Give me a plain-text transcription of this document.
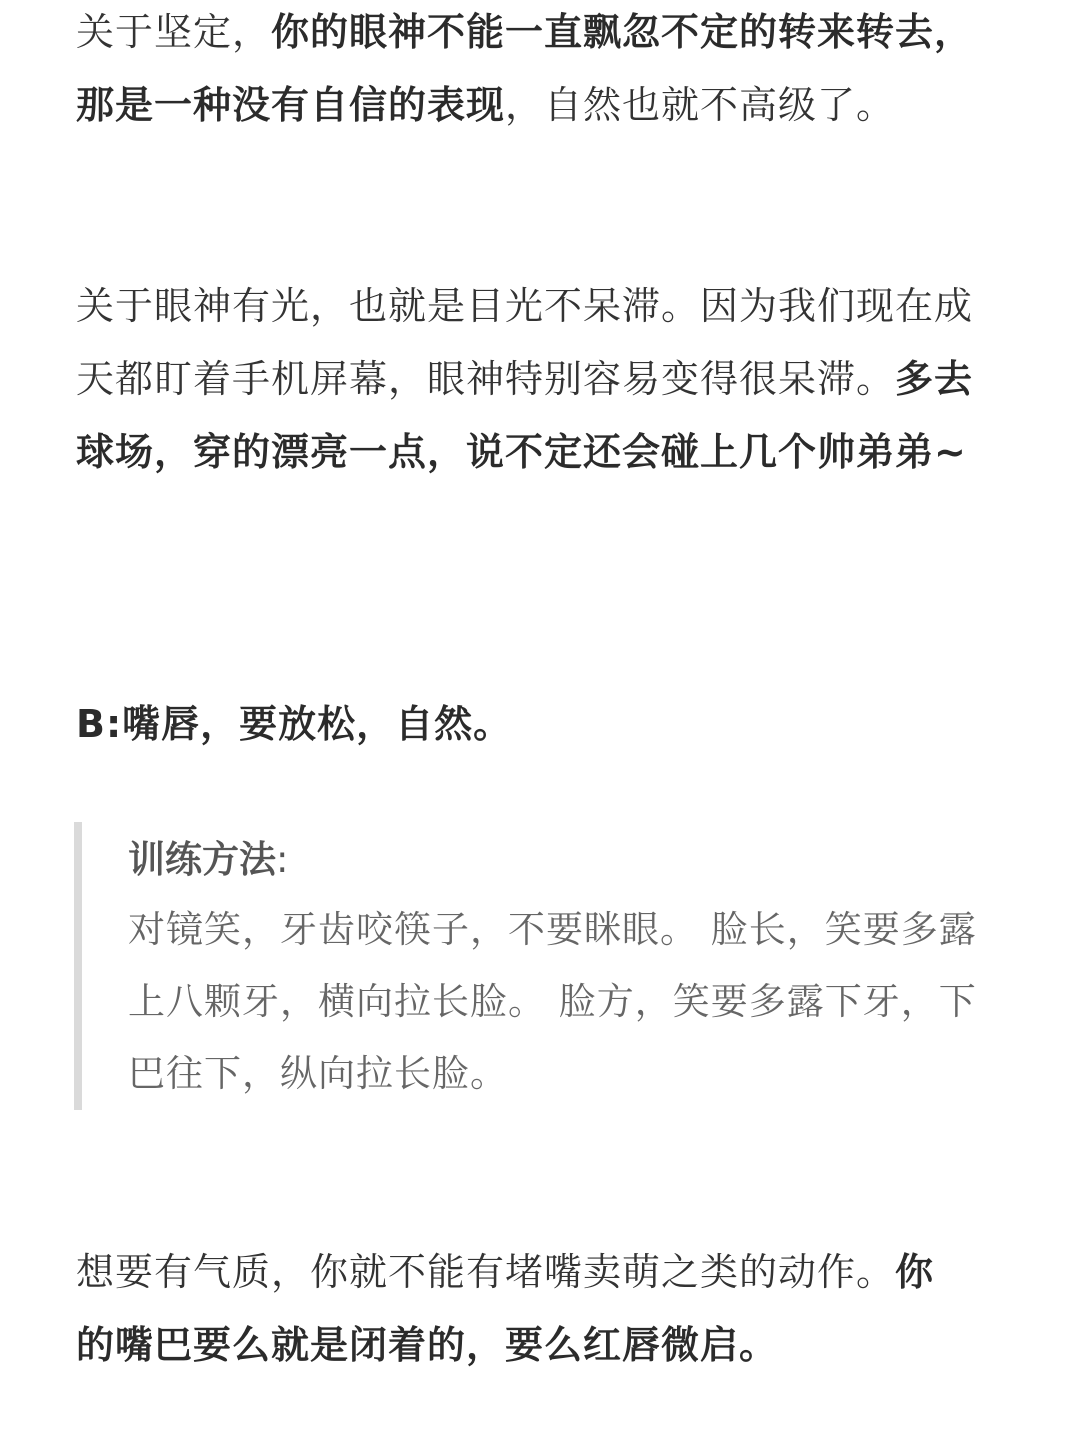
关于坚定，你的眼神不能一直飘忽不定的转来转去，那是一种没有自信的表现，自然也就不高级了。

关于眼神有光，也就是目光不呆滞。因为我们现在成天都盯着手机屏幕，眼神特别容易变得很呆滞。多去球场，穿的漂亮一点，说不定还会碰上几个帅弟弟~

B:嘴唇，要放松，自然。

想要有气质，你就不能有堵嘴卖萌之类的动作。你的嘴巴要么就是闭着的，要么红唇微启。

训练方法:

对镜笑，牙齿咬筷子，不要眯眼。 脸长，笑要多露上八颗牙，横向拉长脸。 脸方，笑要多露下牙，下巴往下，纵向拉长脸。
